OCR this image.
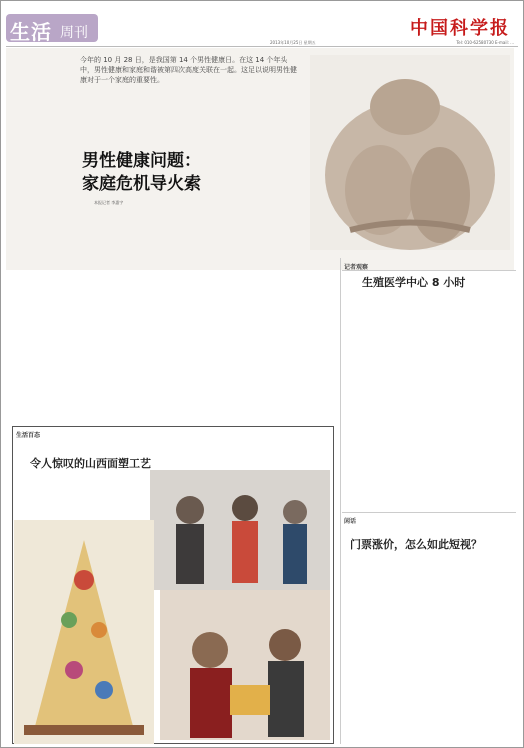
生活 周刊	中国科学报
2013年10月25日 星期五	Tel: 010-62580730 E-mail: ...
今年的 10 月 28 日，是我国第 14 个男性健康日。在这 14 个年头中，男性健康和家庭和谐被第四次高度关联在一起。这足以说明男性健康对于一个家庭的重要性。
男性健康问题：
家庭危机导火索
本报记者 李惠宇
记者观察
生殖医学中心 8 小时
闲话
门票涨价，怎么如此短视？
生活百态
令人惊叹的山西面塑工艺
